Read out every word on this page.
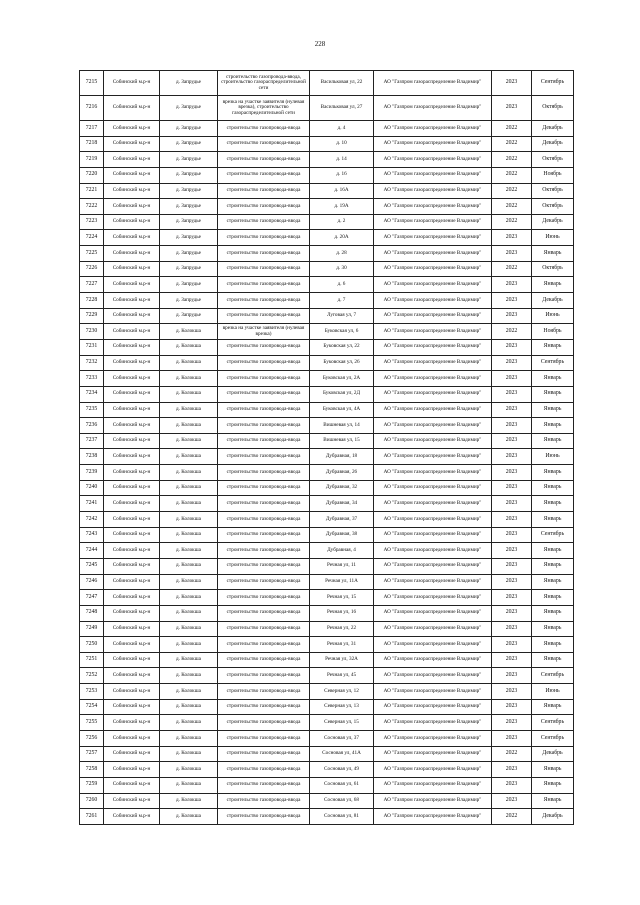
228
7215	Собинский м.р-н	д. Запрудье	строительство газопровода-ввода, строительство газораспределительной сети	Васильковая ул, 22	АО "Газпром газораспределение Владимир"	2023	Сентябрь
7216	Собинский м.р-н	д. Запрудье	врезка на участке заявителя (нулевая врезка), строительство газораспределительной сети	Васильковая ул, 27	АО "Газпром газораспределение Владимир"	2023	Октябрь
7217	Собинский м.р-н	д. Запрудье	строительство газопровода-ввода	д. 4	АО "Газпром газораспределение Владимир"	2022	Декабрь
7218	Собинский м.р-н	д. Запрудье	строительство газопровода-ввода	д. 10	АО "Газпром газораспределение Владимир"	2022	Декабрь
7219	Собинский м.р-н	д. Запрудье	строительство газопровода-ввода	д. 14	АО "Газпром газораспределение Владимир"	2022	Октябрь
7220	Собинский м.р-н	д. Запрудье	строительство газопровода-ввода	д. 16	АО "Газпром газораспределение Владимир"	2022	Ноябрь
7221	Собинский м.р-н	д. Запрудье	строительство газопровода-ввода	д. 16А	АО "Газпром газораспределение Владимир"	2022	Октябрь
7222	Собинский м.р-н	д. Запрудье	строительство газопровода-ввода	д. 19А	АО "Газпром газораспределение Владимир"	2022	Октябрь
7223	Собинский м.р-н	д. Запрудье	строительство газопровода-ввода	д. 2	АО "Газпром газораспределение Владимир"	2022	Декабрь
7224	Собинский м.р-н	д. Запрудье	строительство газопровода-ввода	д. 20А	АО "Газпром газораспределение Владимир"	2023	Июнь
7225	Собинский м.р-н	д. Запрудье	строительство газопровода-ввода	д. 28	АО "Газпром газораспределение Владимир"	2023	Январь
7226	Собинский м.р-н	д. Запрудье	строительство газопровода-ввода	д. 30	АО "Газпром газораспределение Владимир"	2022	Октябрь
7227	Собинский м.р-н	д. Запрудье	строительство газопровода-ввода	д. 6	АО "Газпром газораспределение Владимир"	2023	Январь
7228	Собинский м.р-н	д. Запрудье	строительство газопровода-ввода	д. 7	АО "Газпром газораспределение Владимир"	2023	Декабрь
7229	Собинский м.р-н	д. Запрудье	строительство газопровода-ввода	Луговая ул, 7	АО "Газпром газораспределение Владимир"	2023	Июнь
7230	Собинский м.р-н	д. Колокша	врезка на участке заявителя (нулевая врезка)	Буковская ул, 6	АО "Газпром газораспределение Владимир"	2022	Ноябрь
7231	Собинский м.р-н	д. Колокша	строительство газопровода-ввода	Буковская ул, 22	АО "Газпром газораспределение Владимир"	2023	Январь
7232	Собинский м.р-н	д. Колокша	строительство газопровода-ввода	Буковская ул, 26	АО "Газпром газораспределение Владимир"	2023	Сентябрь
7233	Собинский м.р-н	д. Колокша	строительство газопровода-ввода	Буковская ул, 2А	АО "Газпром газораспределение Владимир"	2023	Январь
7234	Собинский м.р-н	д. Колокша	строительство газопровода-ввода	Буковская ул, 2Д	АО "Газпром газораспределение Владимир"	2023	Январь
7235	Собинский м.р-н	д. Колокша	строительство газопровода-ввода	Буковская ул, 4А	АО "Газпром газораспределение Владимир"	2023	Январь
7236	Собинский м.р-н	д. Колокша	строительство газопровода-ввода	Вишневая ул, 14	АО "Газпром газораспределение Владимир"	2023	Январь
7237	Собинский м.р-н	д. Колокша	строительство газопровода-ввода	Вишневая ул, 15	АО "Газпром газораспределение Владимир"	2023	Январь
7238	Собинский м.р-н	д. Колокша	строительство газопровода-ввода	Дубравная, 18	АО "Газпром газораспределение Владимир"	2023	Июнь
7239	Собинский м.р-н	д. Колокша	строительство газопровода-ввода	Дубравная, 26	АО "Газпром газораспределение Владимир"	2023	Январь
7240	Собинский м.р-н	д. Колокша	строительство газопровода-ввода	Дубравная, 32	АО "Газпром газораспределение Владимир"	2023	Январь
7241	Собинский м.р-н	д. Колокша	строительство газопровода-ввода	Дубравная, 34	АО "Газпром газораспределение Владимир"	2023	Январь
7242	Собинский м.р-н	д. Колокша	строительство газопровода-ввода	Дубравная, 37	АО "Газпром газораспределение Владимир"	2023	Январь
7243	Собинский м.р-н	д. Колокша	строительство газопровода-ввода	Дубравная, 38	АО "Газпром газораспределение Владимир"	2023	Сентябрь
7244	Собинский м.р-н	д. Колокша	строительство газопровода-ввода	Дубравная, 4	АО "Газпром газораспределение Владимир"	2023	Январь
7245	Собинский м.р-н	д. Колокша	строительство газопровода-ввода	Речная ул, 11	АО "Газпром газораспределение Владимир"	2023	Январь
7246	Собинский м.р-н	д. Колокша	строительство газопровода-ввода	Речная ул, 11А	АО "Газпром газораспределение Владимир"	2023	Январь
7247	Собинский м.р-н	д. Колокша	строительство газопровода-ввода	Речная ул, 15	АО "Газпром газораспределение Владимир"	2023	Январь
7248	Собинский м.р-н	д. Колокша	строительство газопровода-ввода	Речная ул, 16	АО "Газпром газораспределение Владимир"	2023	Январь
7249	Собинский м.р-н	д. Колокша	строительство газопровода-ввода	Речная ул, 22	АО "Газпром газораспределение Владимир"	2023	Январь
7250	Собинский м.р-н	д. Колокша	строительство газопровода-ввода	Речная ул, 31	АО "Газпром газораспределение Владимир"	2023	Январь
7251	Собинский м.р-н	д. Колокша	строительство газопровода-ввода	Речная ул, 32А	АО "Газпром газораспределение Владимир"	2023	Январь
7252	Собинский м.р-н	д. Колокша	строительство газопровода-ввода	Речная ул, 45	АО "Газпром газораспределение Владимир"	2023	Сентябрь
7253	Собинский м.р-н	д. Колокша	строительство газопровода-ввода	Северная ул, 12	АО "Газпром газораспределение Владимир"	2023	Июнь
7254	Собинский м.р-н	д. Колокша	строительство газопровода-ввода	Северная ул, 13	АО "Газпром газораспределение Владимир"	2023	Январь
7255	Собинский м.р-н	д. Колокша	строительство газопровода-ввода	Северная ул, 15	АО "Газпром газораспределение Владимир"	2023	Сентябрь
7256	Собинский м.р-н	д. Колокша	строительство газопровода-ввода	Сосновая ул, 37	АО "Газпром газораспределение Владимир"	2023	Сентябрь
7257	Собинский м.р-н	д. Колокша	строительство газопровода-ввода	Сосновая ул, 41А	АО "Газпром газораспределение Владимир"	2022	Декабрь
7258	Собинский м.р-н	д. Колокша	строительство газопровода-ввода	Сосновая ул, 49	АО "Газпром газораспределение Владимир"	2023	Январь
7259	Собинский м.р-н	д. Колокша	строительство газопровода-ввода	Сосновая ул, 61	АО "Газпром газораспределение Владимир"	2023	Январь
7260	Собинский м.р-н	д. Колокша	строительство газопровода-ввода	Сосновая ул, 68	АО "Газпром газораспределение Владимир"	2023	Январь
7261	Собинский м.р-н	д. Колокша	строительство газопровода-ввода	Сосновая ул, 81	АО "Газпром газораспределение Владимир"	2022	Декабрь
